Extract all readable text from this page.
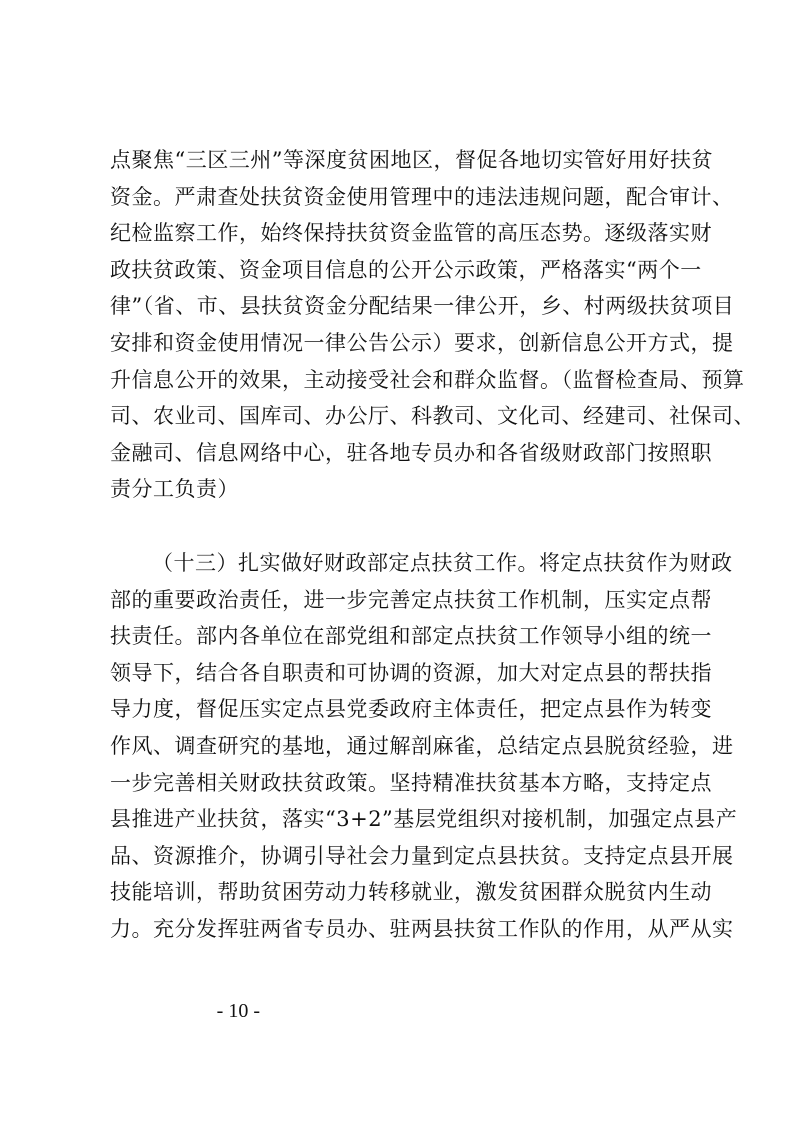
点聚焦“三区三州”等深度贫困地区，督促各地切实管好用好扶贫
资金。严肃查处扶贫资金使用管理中的违法违规问题，配合审计、
纪检监察工作，始终保持扶贫资金监管的高压态势。逐级落实财
政扶贫政策、资金项目信息的公开公示政策，严格落实“两个一
律”（省、市、县扶贫资金分配结果一律公开，乡、村两级扶贫项目
安排和资金使用情况一律公告公示）要求，创新信息公开方式，提
升信息公开的效果，主动接受社会和群众监督。（监督检查局、预算
司、农业司、国库司、办公厅、科教司、文化司、经建司、社保司、
金融司、信息网络中心，驻各地专员办和各省级财政部门按照职
责分工负责）
（十三）扎实做好财政部定点扶贫工作。将定点扶贫作为财政
部的重要政治责任，进一步完善定点扶贫工作机制，压实定点帮
扶责任。部内各单位在部党组和部定点扶贫工作领导小组的统一
领导下，结合各自职责和可协调的资源，加大对定点县的帮扶指
导力度，督促压实定点县党委政府主体责任，把定点县作为转变
作风、调查研究的基地，通过解剖麻雀，总结定点县脱贫经验，进
一步完善相关财政扶贫政策。坚持精准扶贫基本方略，支持定点
县推进产业扶贫，落实“3+2”基层党组织对接机制，加强定点县产
品、资源推介，协调引导社会力量到定点县扶贫。支持定点县开展
技能培训，帮助贫困劳动力转移就业，激发贫困群众脱贫内生动
力。充分发挥驻两省专员办、驻两县扶贫工作队的作用，从严从实
- 10 -
